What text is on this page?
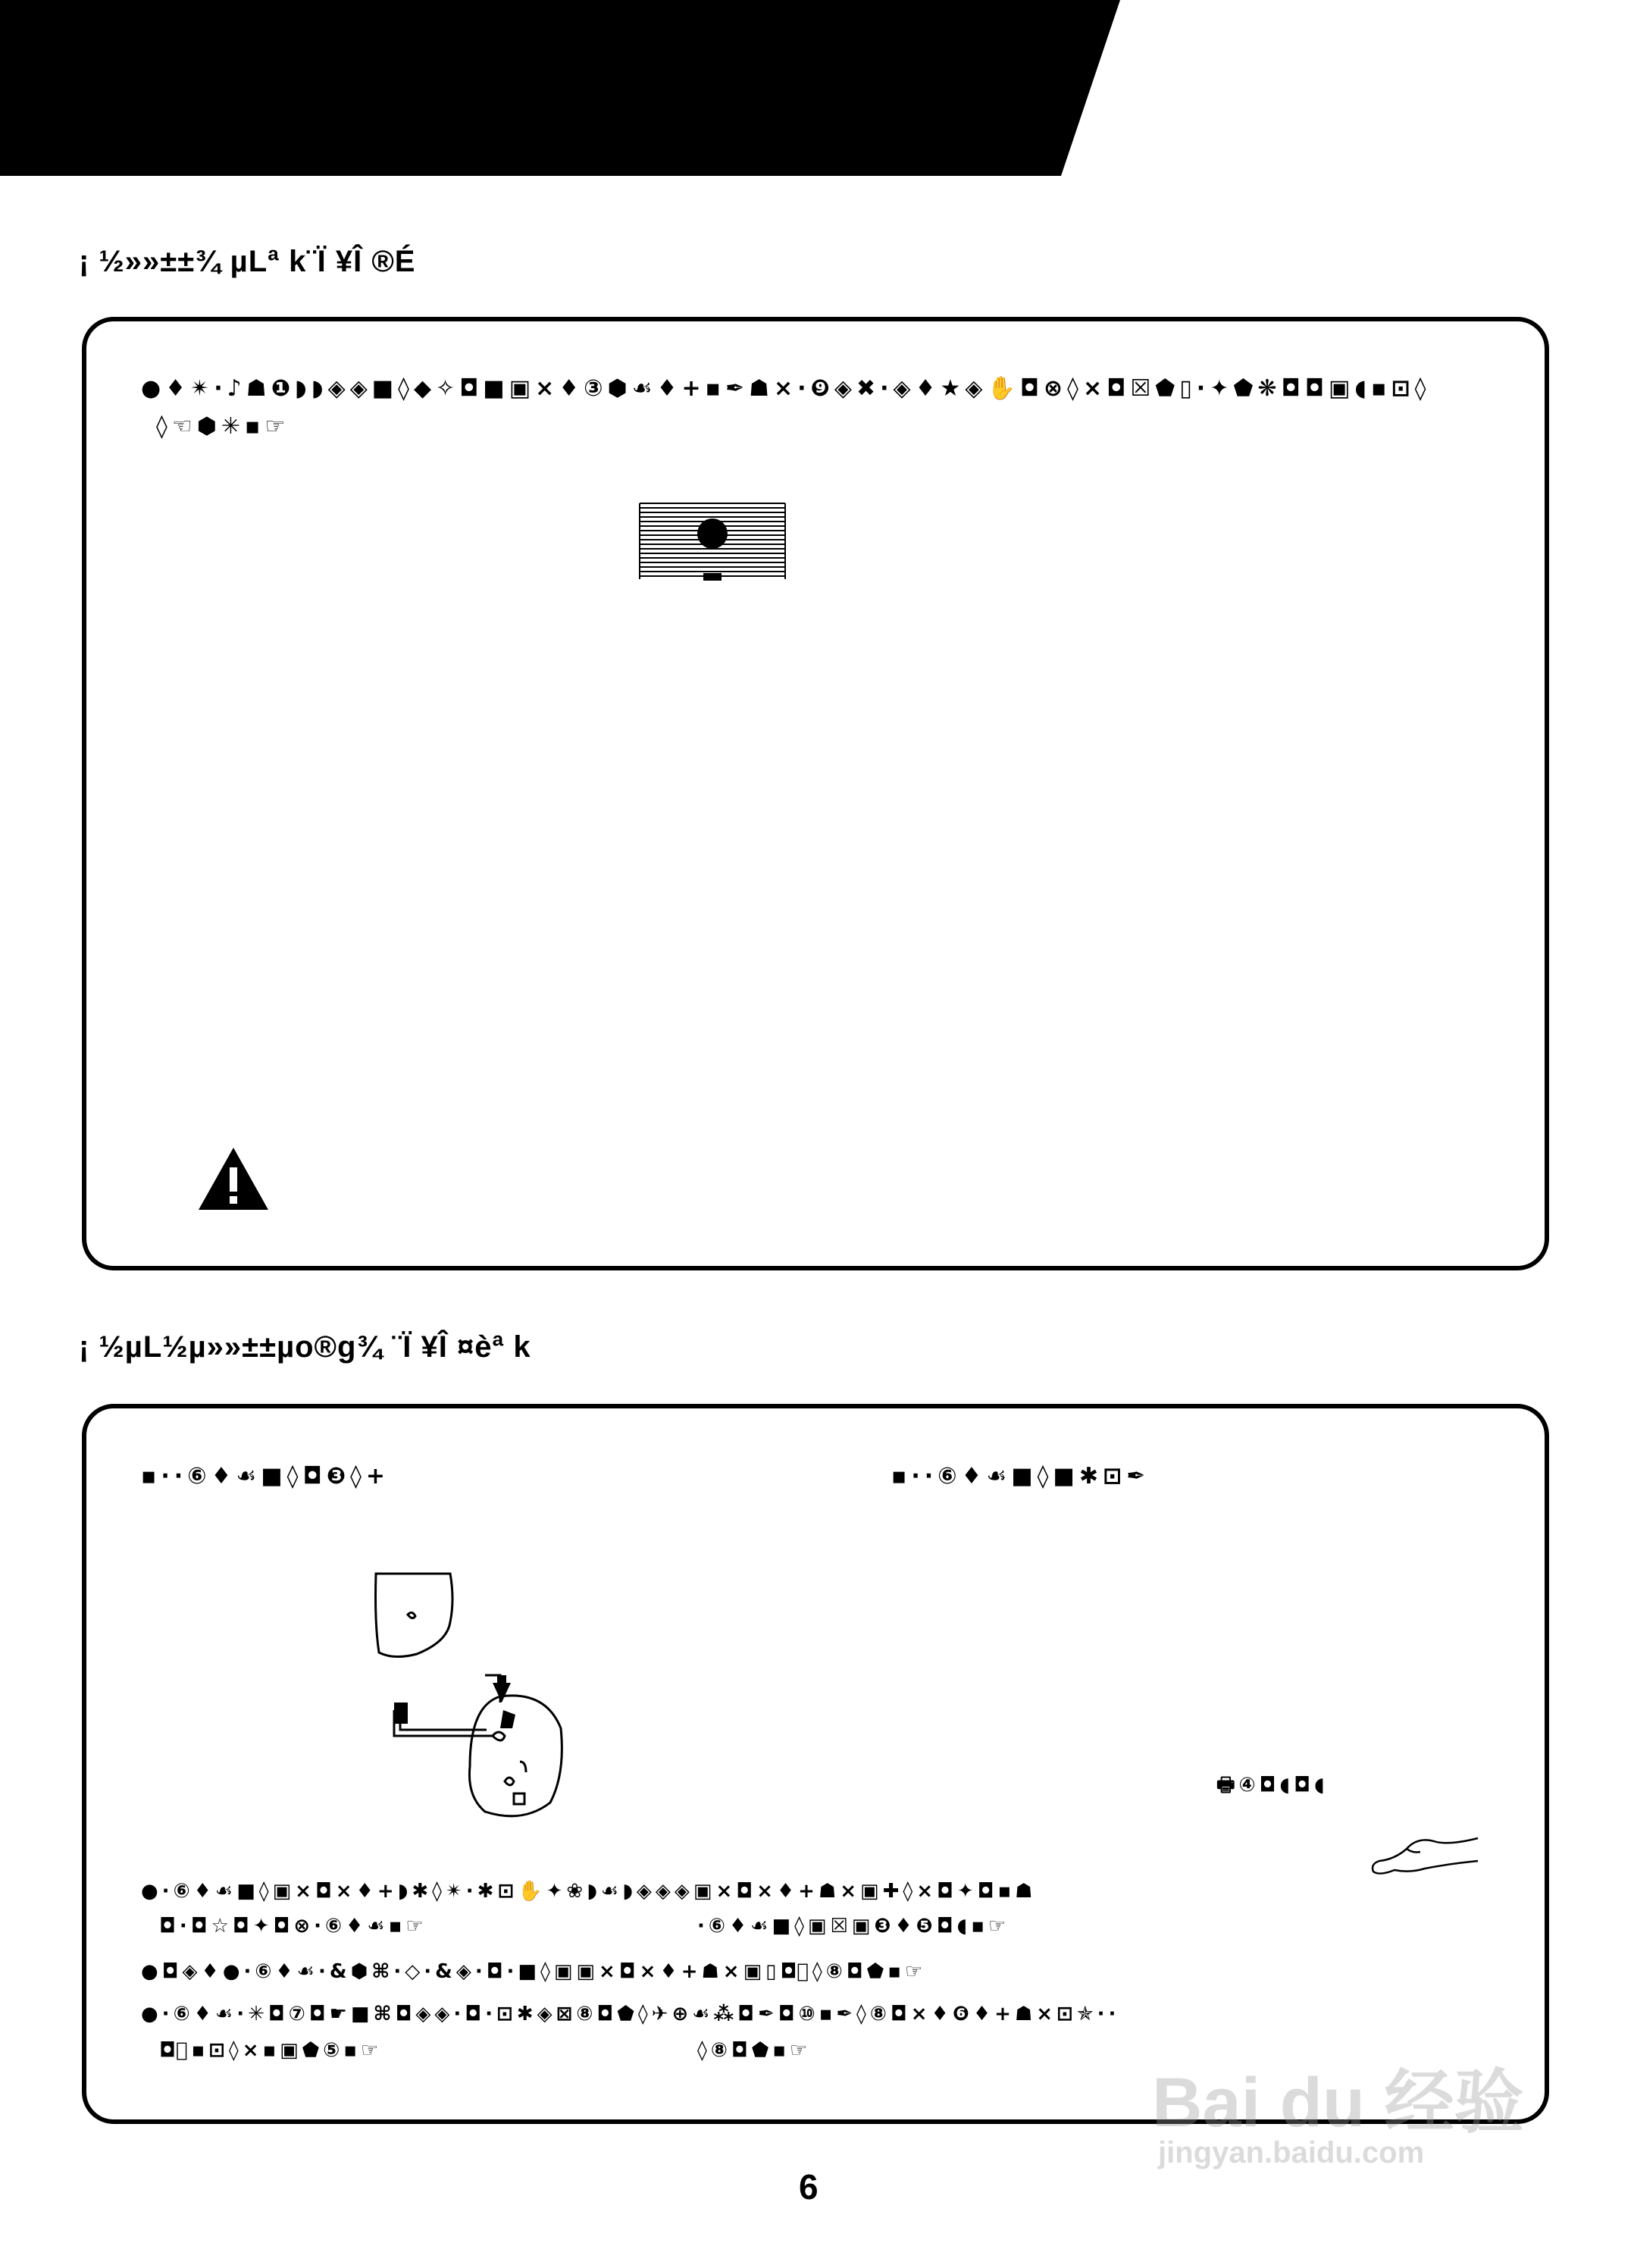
¡ ½»»±±¾ µLª k¨Ï ¥Î ®É
●♦✴·♪☗❶◗◗◈◈■◊◆✧◘■▣×♦③⬢☙♦+▪✒☗×·❾◈✖·◈♦★◈✋◘⊗◊×◘☒⬟▯·✦⬟❋◘◘▣◖▪⊡◊
◊☜⬢✳▪☞
¡ ½µL½µ»»±±µo®g¾ ¨Ï ¥Î ¤èª k
▪··⑥♦☙■◊◘❸◊+	▪··⑥♦☙■◊■✱⊡✒
🖶④◘◖◘◖
●·⑥♦☙■◊▣×◘×♦+◗✱◊✴·✱⊡✋✦❀◗☙◗◈◈◈▣×◘×♦+☗×▣✚◊×◘✦◘▪☗
◘·◘☆◘✦◘⊗·⑥♦☙▪☞	·⑥♦☙■◊▣☒▣❸♦❺◘◖▪☞
●◘◈♦●·⑥♦☙·&⬢⌘·◇·&◈·◘·■◊▣▣×◘×♦+☗×▣▯◘⃠◊⑧◘⬟▪☞
●·⑥♦☙·✳◘⑦◘☛■⌘◘◈◈·◘·⊡✱◈⊠⑧◘⬟◊✈⊕☙⁂◘✒◘⑩▪✒◊⑧◘×♦❻♦+☗×⊡✯··
◘⃠▪⊡◊×▪▣⬟⑤▪☞	◊⑧◘⬟▪☞
6
Bai du 经验
jingyan.baidu.com
